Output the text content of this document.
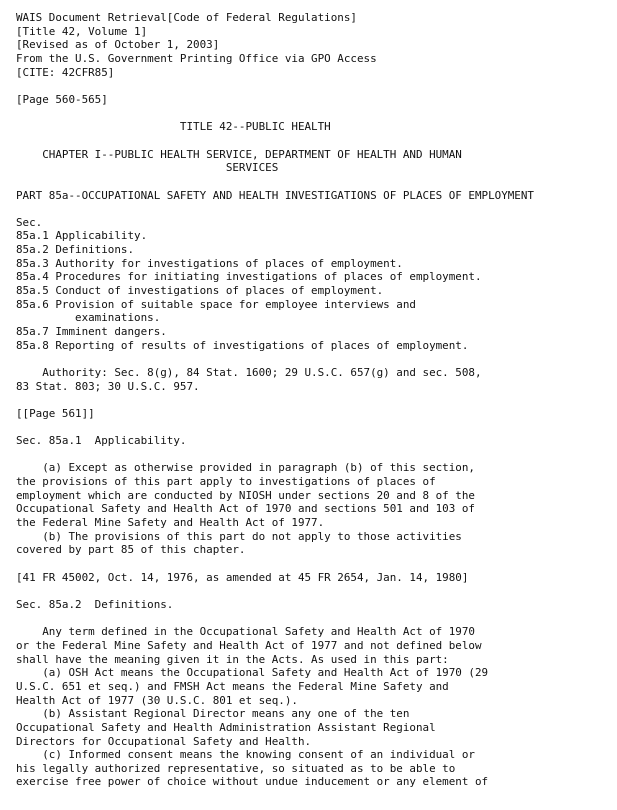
WAIS Document Retrieval[Code of Federal Regulations]

[Title 42, Volume 1]

[Revised as of October 1, 2003]

From the U.S. Government Printing Office via GPO Access

[CITE: 42CFR85]

[Page 560-565]

TITLE 42--PUBLIC HEALTH

CHAPTER I--PUBLIC HEALTH SERVICE, DEPARTMENT OF HEALTH AND HUMAN

SERVICES

PART 85a--OCCUPATIONAL SAFETY AND HEALTH INVESTIGATIONS OF PLACES OF EMPLOYMENT

Sec.

85a.1 Applicability.

85a.2 Definitions.

85a.3 Authority for investigations of places of employment.

85a.4 Procedures for initiating investigations of places of employment.

85a.5 Conduct of investigations of places of employment.

85a.6 Provision of suitable space for employee interviews and

examinations.

85a.7 Imminent dangers.

85a.8 Reporting of results of investigations of places of employment.

Authority: Sec. 8(g), 84 Stat. 1600; 29 U.S.C. 657(g) and sec. 508,

83 Stat. 803; 30 U.S.C. 957.

[[Page 561]]

Sec. 85a.1  Applicability.

(a) Except as otherwise provided in paragraph (b) of this section,

the provisions of this part apply to investigations of places of

employment which are conducted by NIOSH under sections 20 and 8 of the

Occupational Safety and Health Act of 1970 and sections 501 and 103 of

the Federal Mine Safety and Health Act of 1977.

(b) The provisions of this part do not apply to those activities

covered by part 85 of this chapter.

[41 FR 45002, Oct. 14, 1976, as amended at 45 FR 2654, Jan. 14, 1980]

Sec. 85a.2  Definitions.

Any term defined in the Occupational Safety and Health Act of 1970

or the Federal Mine Safety and Health Act of 1977 and not defined below

shall have the meaning given it in the Acts. As used in this part:

(a) OSH Act means the Occupational Safety and Health Act of 1970 (29

U.S.C. 651 et seq.) and FMSH Act means the Federal Mine Safety and

Health Act of 1977 (30 U.S.C. 801 et seq.).

(b) Assistant Regional Director means any one of the ten

Occupational Safety and Health Administration Assistant Regional

Directors for Occupational Safety and Health.

(c) Informed consent means the knowing consent of an individual or

his legally authorized representative, so situated as to be able to

exercise free power of choice without undue inducement or any element of
